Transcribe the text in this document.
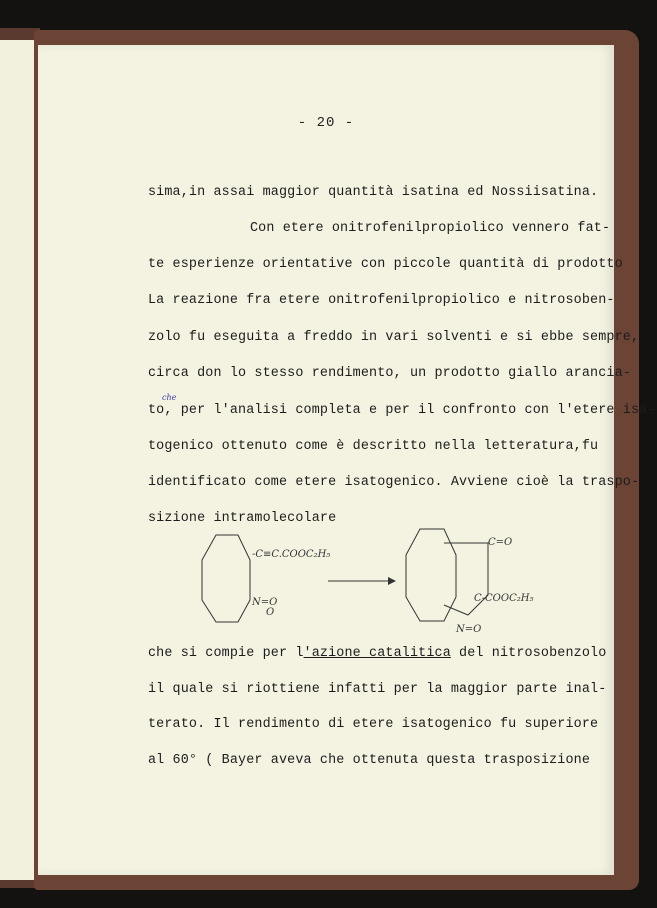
- 20 -
sima,in assai maggior quantità isatina ed Nossiisatina.
Con etere onitrofenilpropiolico vennero fat-
te esperienze orientative con piccole quantità di prodotto
La reazione fra etere onitrofenilpropiolico e nitrosoben-
zolo fu eseguita a freddo in vari solventi e si ebbe sempre,
circa don lo stesso rendimento, un prodotto giallo arancia-
che
to, per l'analisi completa e per il confronto con l'etere isa-
togenico ottenuto come è descritto nella letteratura,fu
identificato come etere isatogenico. Avviene cioè la traspo-
sizione intramolecolare
-C≡C.COOC₂H₅
N=O
O
C=O
C-COOC₂H₅
N=O
che si compie per l'azione catalitica del nitrosobenzolo
il quale si riottiene infatti per la maggior parte inal-
terato. Il rendimento di etere isatogenico fu superiore
al 60° ( Bayer aveva che ottenuta questa trasposizione
